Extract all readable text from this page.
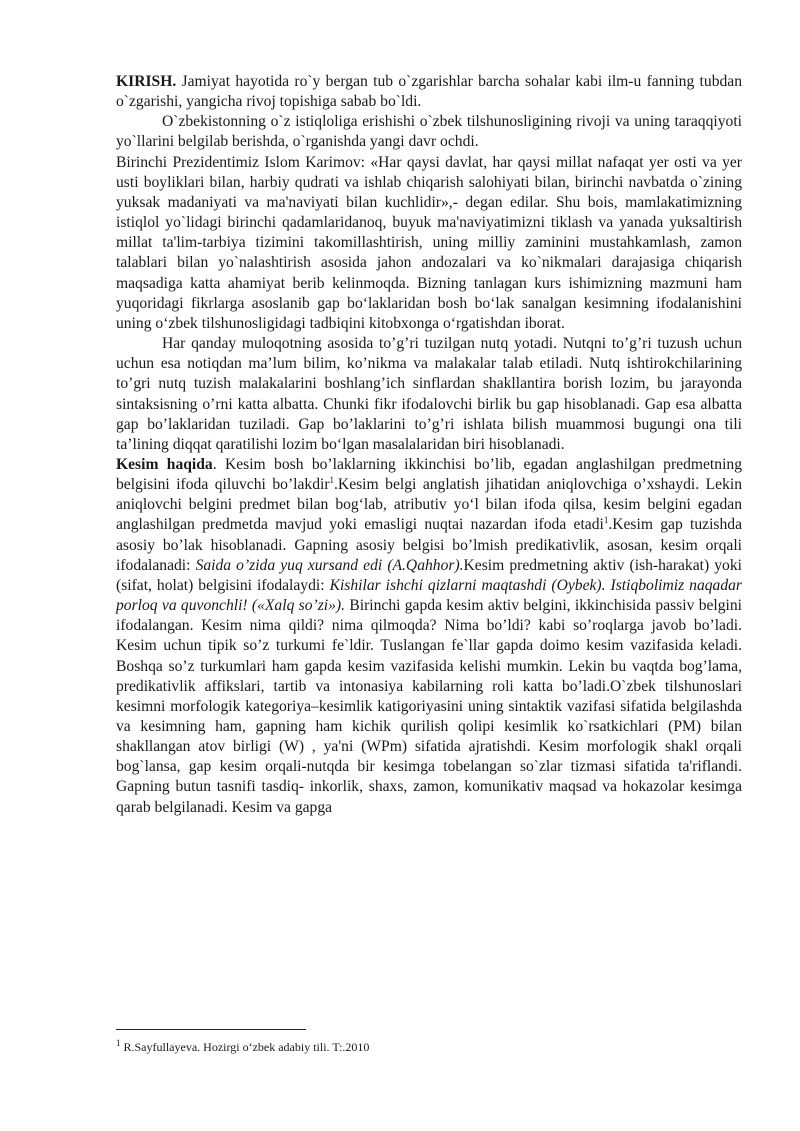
KIRISH. Jamiyat hayotida ro`y bergan tub o`zgarishlar barcha sohalar kabi ilm-u fanning tubdan o`zgarishi, yangicha rivoj topishiga sabab bo`ldi.

O`zbekistonning o`z istiqloliga erishishi o`zbek tilshunosligining rivoji va uning taraqqiyoti yo`llarini belgilab berishda, o`rganishda yangi davr ochdi.

Birinchi Prezidentimiz Islom Karimov: «Har qaysi davlat, har qaysi millat nafaqat yer osti va yer usti boyliklari bilan, harbiy qudrati va ishlab chiqarish salohiyati bilan, birinchi navbatda o`zining yuksak madaniyati va ma'naviyati bilan kuchlidir»,- degan edilar. Shu bois, mamlakatimizning istiqlol yo`lidagi birinchi qadamlaridanoq, buyuk ma'naviyatimizni tiklash va yanada yuksaltirish millat ta'lim-tarbiya tizimini takomillashtirish, uning milliy zaminini mustahkamlash, zamon talablari bilan yo`nalashtirish asosida jahon andozalari va ko`nikmalari darajasiga chiqarish maqsadiga katta ahamiyat berib kelinmoqda. Bizning tanlagan kurs ishimizning mazmuni ham yuqoridagi fikrlarga asoslanib gap bo‘laklaridan bosh bo‘lak sanalgan kesimning ifodalanishini uning o‘zbek tilshunosligidagi tadbiqini kitobxonga o‘rgatishdan iborat.

Har qanday muloqotning asosida to’g’ri tuzilgan nutq yotadi. Nutqni to’g’ri tuzush uchun uchun esa notiqdan ma’lum bilim, ko’nikma va malakalar talab etiladi. Nutq ishtirokchilarining to’gri nutq tuzish malakalarini boshlang’ich sinflardan shakllantira borish lozim, bu jarayonda sintaksisning o’rni katta albatta. Chunki fikr ifodalovchi birlik bu gap hisoblanadi. Gap esa albatta gap bo’laklaridan tuziladi. Gap bo’laklarini to’g’ri ishlata bilish muammosi bugungi ona tili ta’lining diqqat qaratilishi lozim bo‘lgan masalalaridan biri hisoblanadi.

Kesim haqida. Kesim bosh bo’laklarning ikkinchisi bo’lib, egadan anglashilgan predmetning belgisini ifoda qiluvchi bo’lakdir$^1$.Kesim belgi anglatish jihatidan aniqlovchiga o’xshaydi. Lekin aniqlovchi belgini predmet bilan bog‘lab, atributiv yo‘l bilan ifoda qilsa, kesim belgini egadan anglashilgan predmetda mavjud yoki emasligi nuqtai nazardan ifoda etadi$^1$.Kesim gap tuzishda asosiy bo’lak hisoblanadi. Gapning asosiy belgisi bo’lmish predikativlik, asosan, kesim orqali ifodalanadi: Saida o’zida yuq xursand edi (A.Qahhor).Kesim predmetning aktiv (ish-harakat) yoki (sifat, holat) belgisini ifodalaydi: Kishilar ishchi qizlarni maqtashdi (Oybek). Istiqbolimiz naqadar porloq va quvonchli! («Xalq so’zi»). Birinchi gapda kesim aktiv belgini, ikkinchisida passiv belgini ifodalangan. Kesim nima qildi? nima qilmoqda? Nima bo’ldi? kabi so’roqlarga javob bo’ladi. Kesim uchun tipik so’z turkumi fe`ldir. Tuslangan fe`llar gapda doimo kesim vazifasida keladi. Boshqa so’z turkumlari ham gapda kesim vazifasida kelishi mumkin. Lekin bu vaqtda bog’lama, predikativlik affikslari, tartib va intonasiya kabilarning roli katta bo’ladi.O`zbek tilshunoslari kesimni morfologik kategoriya–kesimlik katigoriyasini uning sintaktik vazifasi sifatida belgilashda va kesimning ham, gapning ham kichik qurilish qolipi kesimlik ko`rsatkichlari (PM) bilan shakllangan atov birligi (W) , ya'ni (WPm) sifatida ajratishdi. Kesim morfologik shakl orqali bog`lansa, gap kesim orqali-nutqda bir kesimga tobelangan so`zlar tizmasi sifatida ta'riflandi. Gapning butun tasnifi tasdiq- inkorlik, shaxs, zamon, komunikativ maqsad va hokazolar kesimga qarab belgilanadi. Kesim va gapga

$^1$ R.Sayfullayeva. Hozirgi o‘zbek adabiy tili. T:.2010
